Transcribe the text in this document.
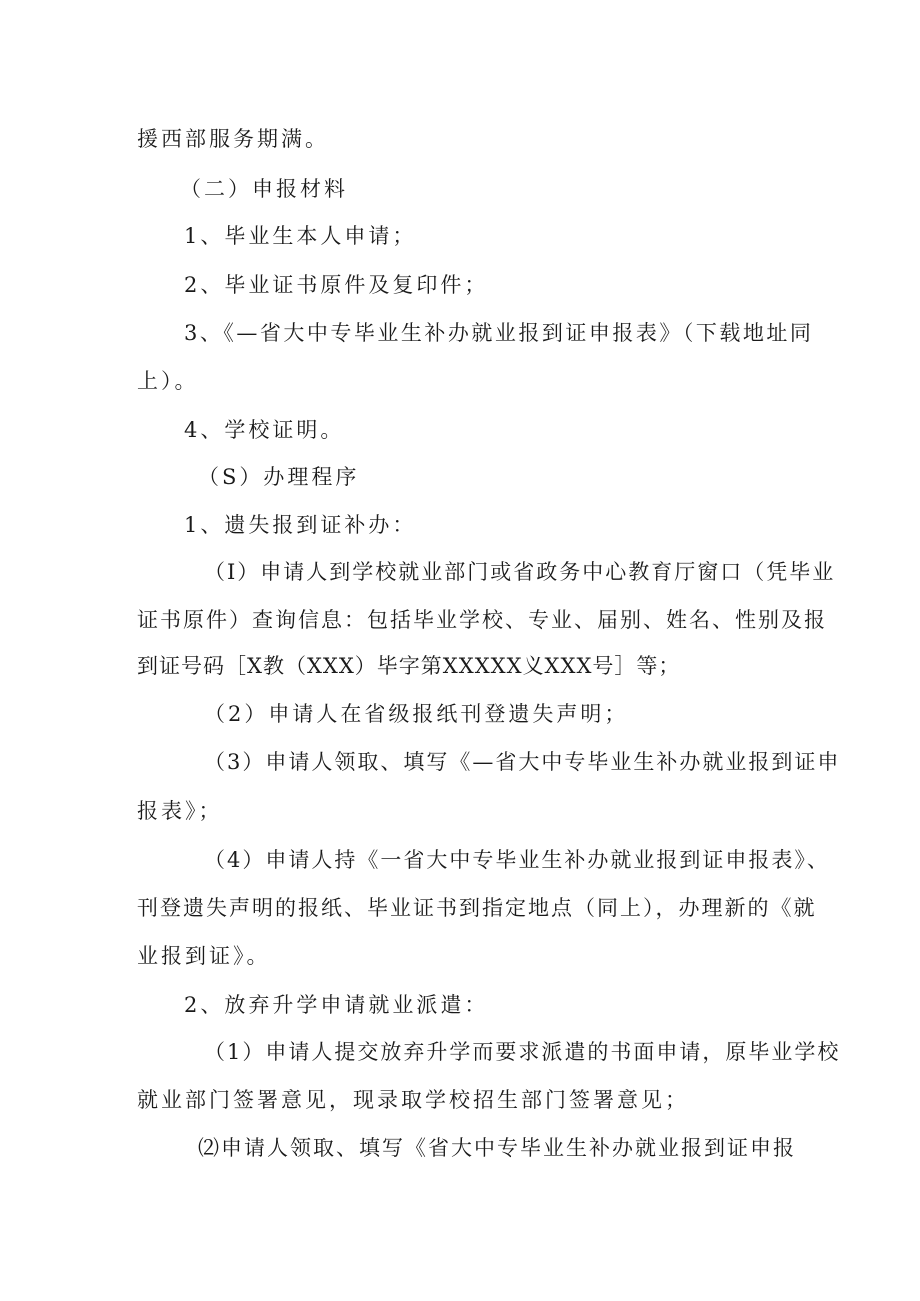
援西部服务期满。
（二）申报材料
1、毕业生本人申请；
2、毕业证书原件及复印件；
3、《—省大中专毕业生补办就业报到证申报表》（下载地址同
上）。
4、学校证明。
（S）办理程序
1、遗失报到证补办：
（I）申请人到学校就业部门或省政务中心教育厅窗口（凭毕业
证书原件）查询信息：包括毕业学校、专业、届别、姓名、性别及报
到证号码［X教（XXX）毕字第XXXXX义XXX号］等；
（2）申请人在省级报纸刊登遗失声明；
（3）申请人领取、填写《—省大中专毕业生补办就业报到证申
报表》；
（4）申请人持《一省大中专毕业生补办就业报到证申报表》、
刊登遗失声明的报纸、毕业证书到指定地点（同上），办理新的《就
业报到证》。
2、放弃升学申请就业派遣：
（1）申请人提交放弃升学而要求派遣的书面申请，原毕业学校
就业部门签署意见，现录取学校招生部门签署意见；
⑵申请人领取、填写《省大中专毕业生补办就业报到证申报
